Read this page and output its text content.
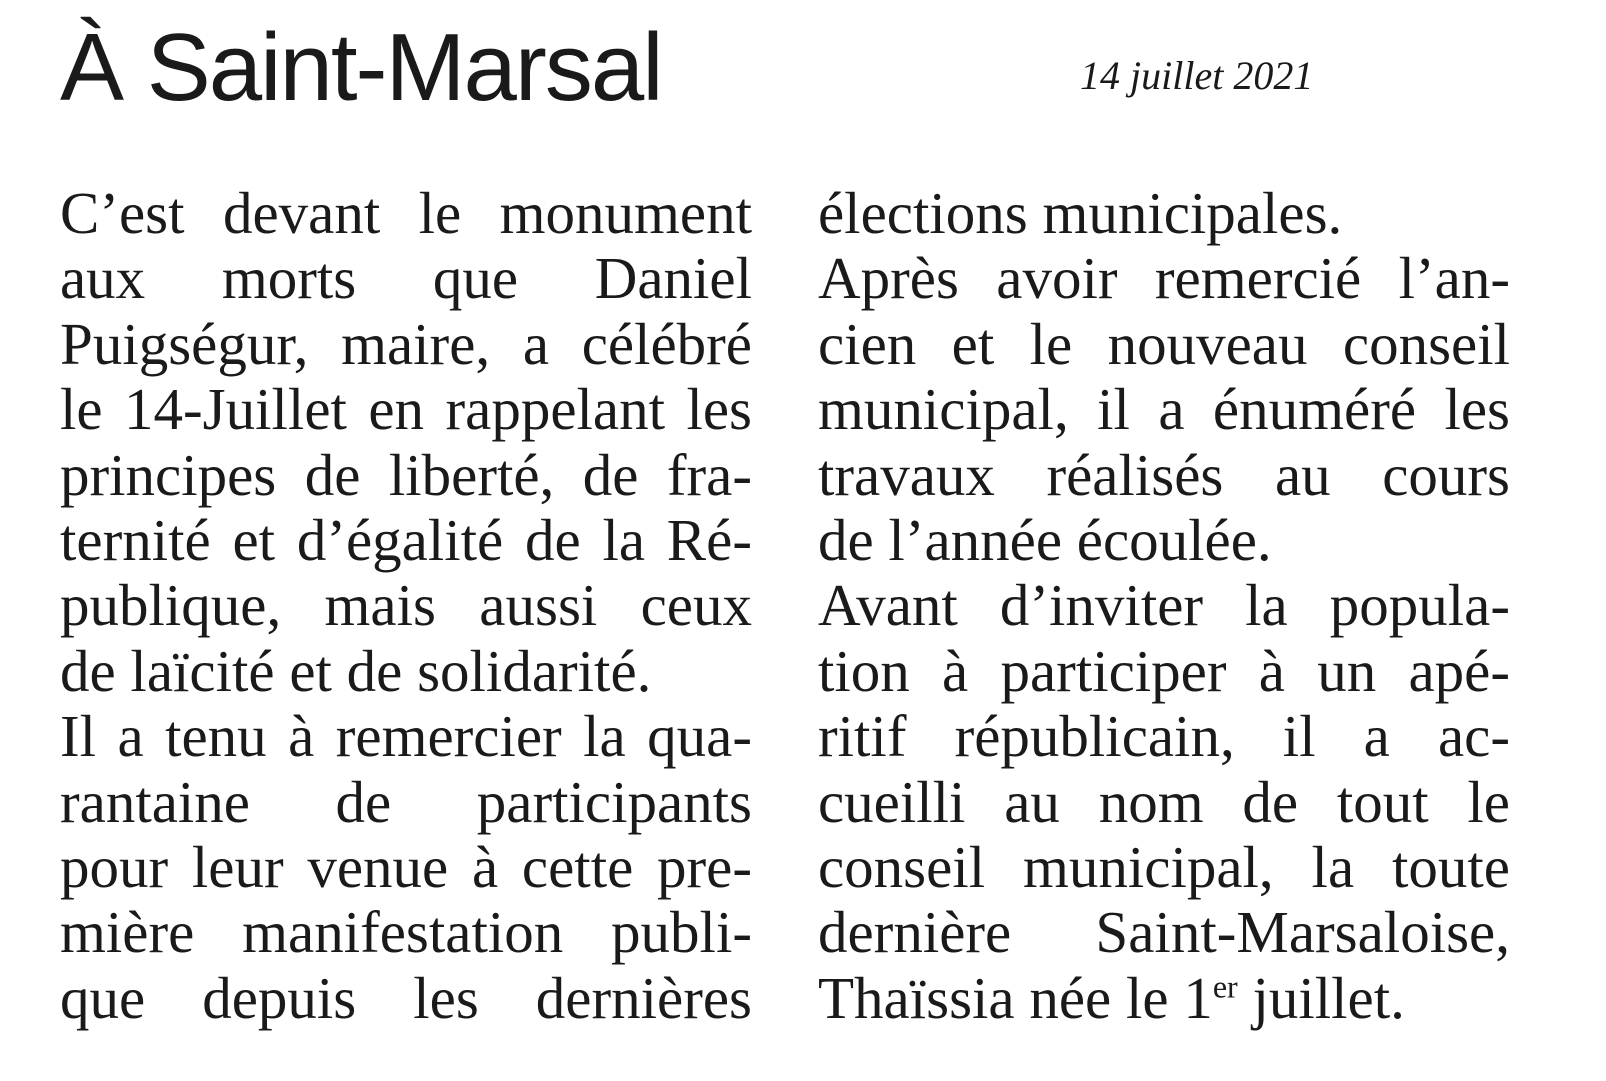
À Saint-Marsal	14 juillet 2021
C’est devant le monument
aux morts que Daniel
Puigségur, maire, a célébré
le 14-Juillet en rappelant les
principes de liberté, de fra-
ternité et d’égalité de la Ré-
publique, mais aussi ceux
de laïcité et de solidarité.
Il a tenu à remercier la qua-
rantaine de participants
pour leur venue à cette pre-
mière manifestation publi-
que depuis les dernières
élections municipales.
Après avoir remercié l’an-
cien et le nouveau conseil
municipal, il a énuméré les
travaux réalisés au cours
de l’année écoulée.
Avant d’inviter la popula-
tion à participer à un apé-
ritif républicain, il a ac-
cueilli au nom de tout le
conseil municipal, la toute
dernière Saint-Marsaloise,
Thaïssia née le 1er juillet.
